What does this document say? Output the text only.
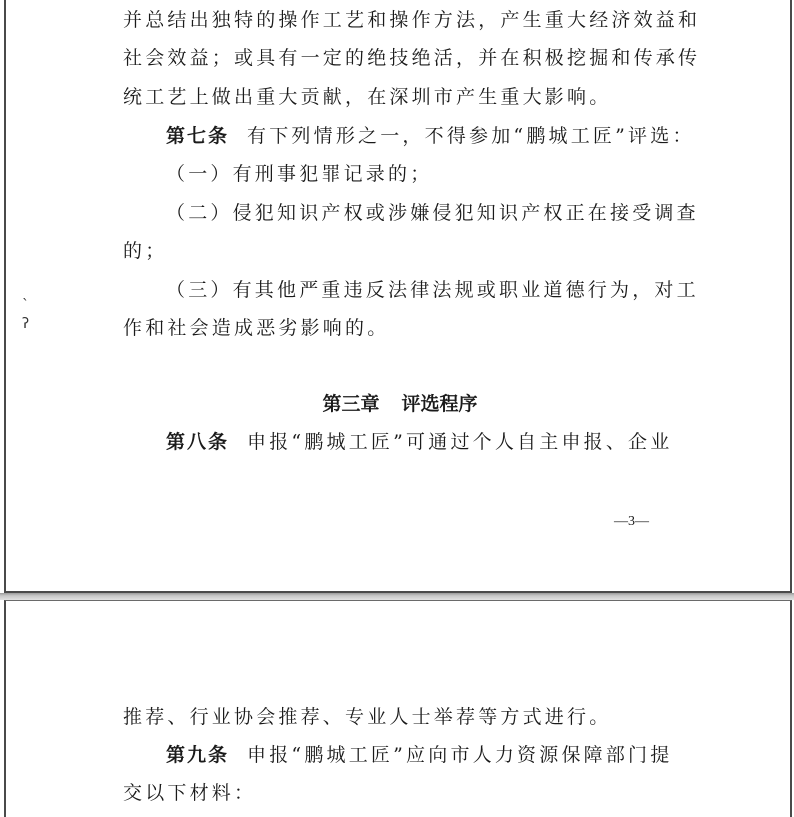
并总结出独特的操作工艺和操作方法，产生重大经济效益和
社会效益；或具有一定的绝技绝活，并在积极挖掘和传承传
统工艺上做出重大贡献，在深圳市产生重大影响。
第七条 有下列情形之一，不得参加“鹏城工匠”评选：
（一）有刑事犯罪记录的；
（二）侵犯知识产权或涉嫌侵犯知识产权正在接受调查
的；
（三）有其他严重违反法律法规或职业道德行为，对工
作和社会造成恶劣影响的。
第三章 评选程序
第八条 申报“鹏城工匠”可通过个人自主申报、企业
—3—
ˎ
ʔ
推荐、行业协会推荐、专业人士举荐等方式进行。
第九条 申报“鹏城工匠”应向市人力资源保障部门提
交以下材料：
